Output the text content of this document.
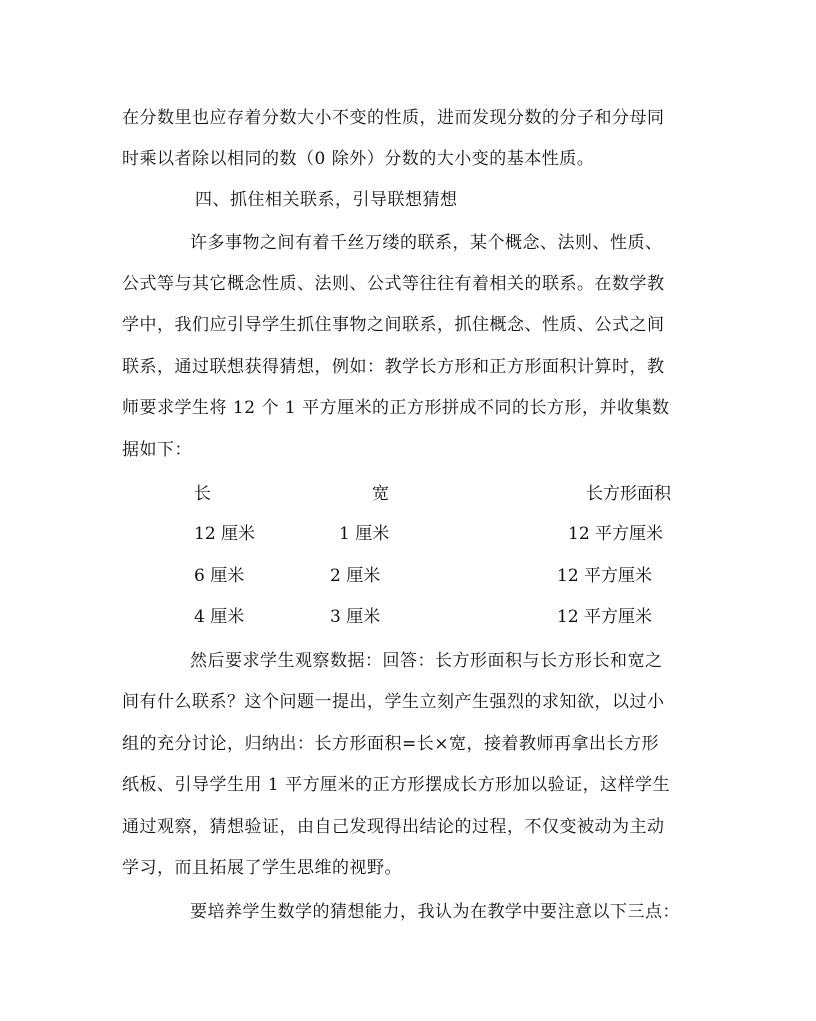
在分数里也应存着分数大小不变的性质，进而发现分数的分子和分母同
时乘以者除以相同的数（0 除外）分数的大小变的基本性质。
四、抓住相关联系，引导联想猜想
许多事物之间有着千丝万缕的联系，某个概念、法则、性质、
公式等与其它概念性质、法则、公式等往往有着相关的联系。在数学教
学中，我们应引导学生抓住事物之间联系，抓住概念、性质、公式之间
联系，通过联想获得猜想，例如：教学长方形和正方形面积计算时，教
师要求学生将 12 个 1 平方厘米的正方形拼成不同的长方形，并收集数
据如下：
长	宽	长方形面积
12 厘米	1 厘米	12 平方厘米
6 厘米	2 厘米	12 平方厘米
4 厘米	3 厘米	12 平方厘米
然后要求学生观察数据：回答：长方形面积与长方形长和宽之
间有什么联系？这个问题一提出，学生立刻产生强烈的求知欲，以过小
组的充分讨论，归纳出：长方形面积=长×宽，接着教师再拿出长方形
纸板、引导学生用 1 平方厘米的正方形摆成长方形加以验证，这样学生
通过观察，猜想验证，由自己发现得出结论的过程，不仅变被动为主动
学习，而且拓展了学生思维的视野。
要培养学生数学的猜想能力，我认为在教学中要注意以下三点：
